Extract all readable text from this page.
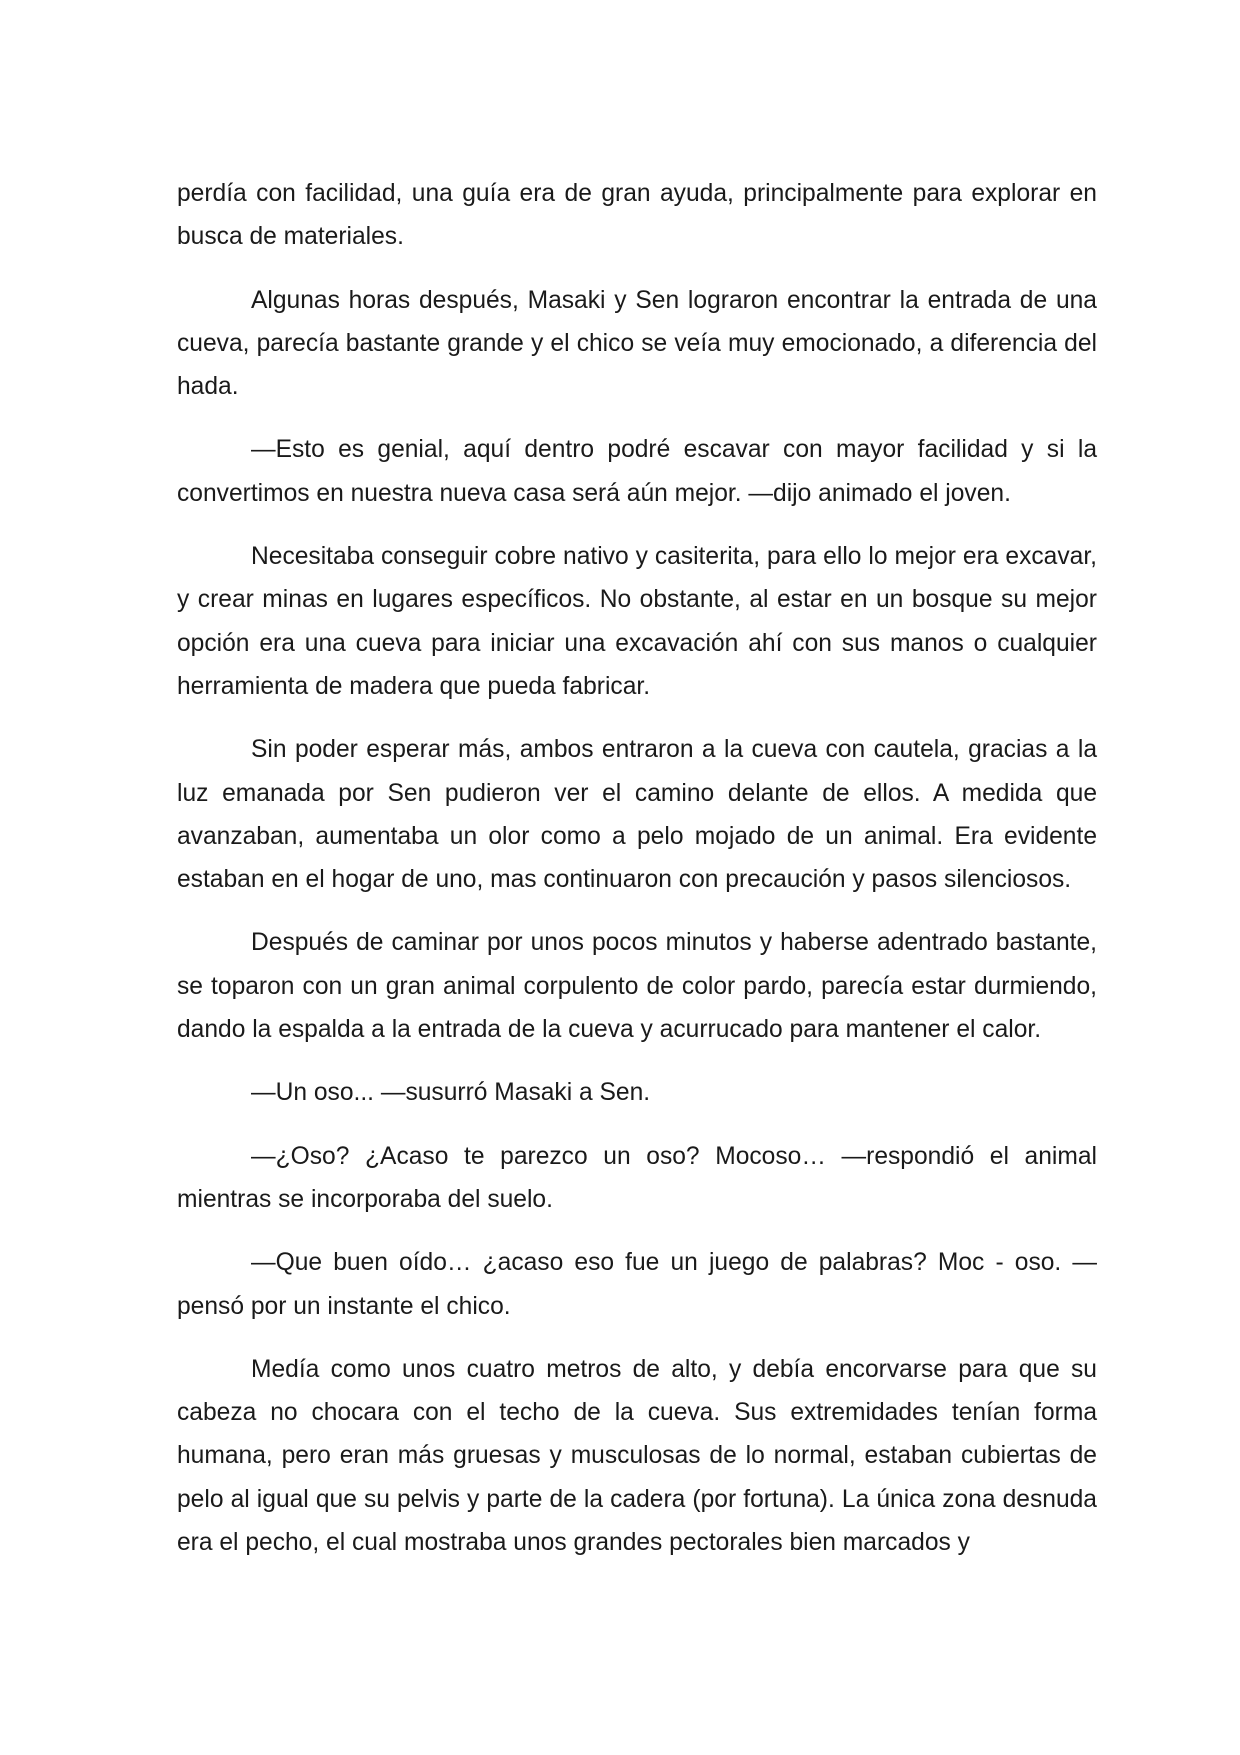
perdía con facilidad, una guía era de gran ayuda, principalmente para explorar en busca de materiales.

Algunas horas después, Masaki y Sen lograron encontrar la entrada de una cueva, parecía bastante grande y el chico se veía muy emocionado, a diferencia del hada.

—Esto es genial, aquí dentro podré escavar con mayor facilidad y si la convertimos en nuestra nueva casa será aún mejor. —dijo animado el joven.

Necesitaba conseguir cobre nativo y casiterita, para ello lo mejor era excavar, y crear minas en lugares específicos. No obstante, al estar en un bosque su mejor opción era una cueva para iniciar una excavación ahí con sus manos o cualquier herramienta de madera que pueda fabricar.

Sin poder esperar más, ambos entraron a la cueva con cautela, gracias a la luz emanada por Sen pudieron ver el camino delante de ellos. A medida que avanzaban, aumentaba un olor como a pelo mojado de un animal. Era evidente estaban en el hogar de uno, mas continuaron con precaución y pasos silenciosos.

Después de caminar por unos pocos minutos y haberse adentrado bastante, se toparon con un gran animal corpulento de color pardo, parecía estar durmiendo, dando la espalda a la entrada de la cueva y acurrucado para mantener el calor.

—Un oso... —susurró Masaki a Sen.

—¿Oso? ¿Acaso te parezco un oso? Mocoso… —respondió el animal mientras se incorporaba del suelo.

—Que buen oído… ¿acaso eso fue un juego de palabras? Moc - oso. —pensó por un instante el chico.

Medía como unos cuatro metros de alto, y debía encorvarse para que su cabeza no chocara con el techo de la cueva. Sus extremidades tenían forma humana, pero eran más gruesas y musculosas de lo normal, estaban cubiertas de pelo al igual que su pelvis y parte de la cadera (por fortuna). La única zona desnuda era el pecho, el cual mostraba unos grandes pectorales bien marcados y
